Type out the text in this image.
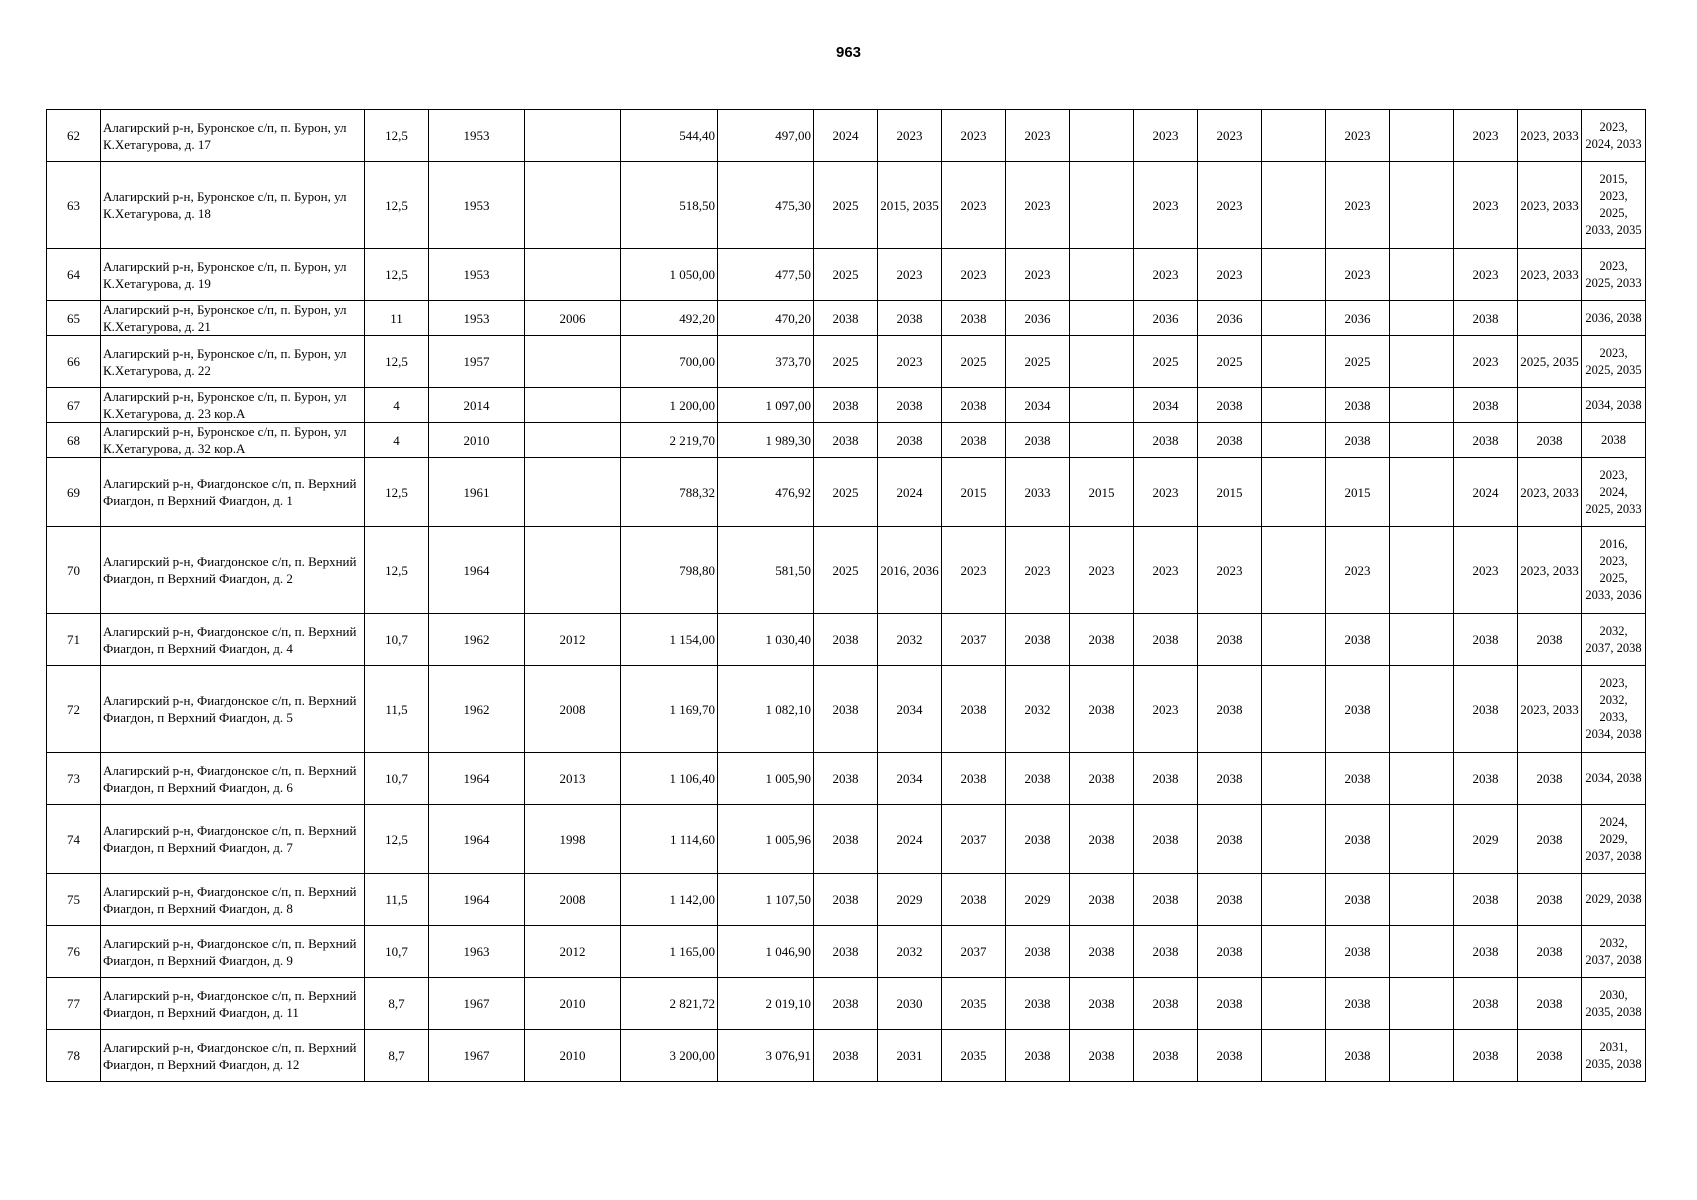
963
62	Алагирский р-н, Буронское с/п, п. Бурон, ул К.Хетагурова, д. 17	12,5	1953		544,40	497,00	2024	2023	2023	2023		2023	2023		2023		2023	2023, 2033	2023, 2024, 2033
63	Алагирский р-н, Буронское с/п, п. Бурон, ул К.Хетагурова, д. 18	12,5	1953		518,50	475,30	2025	2015, 2035	2023	2023		2023	2023		2023		2023	2023, 2033	2015, 2023, 2025, 2033, 2035
64	Алагирский р-н, Буронское с/п, п. Бурон, ул К.Хетагурова, д. 19	12,5	1953		1 050,00	477,50	2025	2023	2023	2023		2023	2023		2023		2023	2023, 2033	2023, 2025, 2033
65	Алагирский р-н, Буронское с/п, п. Бурон, ул К.Хетагурова, д. 21	11	1953	2006	492,20	470,20	2038	2038	2038	2036		2036	2036		2036		2038		2036, 2038
66	Алагирский р-н, Буронское с/п, п. Бурон, ул К.Хетагурова, д. 22	12,5	1957		700,00	373,70	2025	2023	2025	2025		2025	2025		2025		2023	2025, 2035	2023, 2025, 2035
67	Алагирский р-н, Буронское с/п, п. Бурон, ул К.Хетагурова, д. 23 кор.А	4	2014		1 200,00	1 097,00	2038	2038	2038	2034		2034	2038		2038		2038		2034, 2038
68	Алагирский р-н, Буронское с/п, п. Бурон, ул К.Хетагурова, д. 32 кор.А	4	2010		2 219,70	1 989,30	2038	2038	2038	2038		2038	2038		2038		2038	2038	2038
69	Алагирский р-н, Фиагдонское с/п, п. Верхний Фиагдон, п Верхний Фиагдон, д. 1	12,5	1961		788,32	476,92	2025	2024	2015	2033	2015	2023	2015		2015		2024	2023, 2033	2023, 2024, 2025, 2033
70	Алагирский р-н, Фиагдонское с/п, п. Верхний Фиагдон, п Верхний Фиагдон, д. 2	12,5	1964		798,80	581,50	2025	2016, 2036	2023	2023	2023	2023	2023		2023		2023	2023, 2033	2016, 2023, 2025, 2033, 2036
71	Алагирский р-н, Фиагдонское с/п, п. Верхний Фиагдон, п Верхний Фиагдон, д. 4	10,7	1962	2012	1 154,00	1 030,40	2038	2032	2037	2038	2038	2038	2038		2038		2038	2038	2032, 2037, 2038
72	Алагирский р-н, Фиагдонское с/п, п. Верхний Фиагдон, п Верхний Фиагдон, д. 5	11,5	1962	2008	1 169,70	1 082,10	2038	2034	2038	2032	2038	2023	2038		2038		2038	2023, 2033	2023, 2032, 2033, 2034, 2038
73	Алагирский р-н, Фиагдонское с/п, п. Верхний Фиагдон, п Верхний Фиагдон, д. 6	10,7	1964	2013	1 106,40	1 005,90	2038	2034	2038	2038	2038	2038	2038		2038		2038	2038	2034, 2038
74	Алагирский р-н, Фиагдонское с/п, п. Верхний Фиагдон, п Верхний Фиагдон, д. 7	12,5	1964	1998	1 114,60	1 005,96	2038	2024	2037	2038	2038	2038	2038		2038		2029	2038	2024, 2029, 2037, 2038
75	Алагирский р-н, Фиагдонское с/п, п. Верхний Фиагдон, п Верхний Фиагдон, д. 8	11,5	1964	2008	1 142,00	1 107,50	2038	2029	2038	2029	2038	2038	2038		2038		2038	2038	2029, 2038
76	Алагирский р-н, Фиагдонское с/п, п. Верхний Фиагдон, п Верхний Фиагдон, д. 9	10,7	1963	2012	1 165,00	1 046,90	2038	2032	2037	2038	2038	2038	2038		2038		2038	2038	2032, 2037, 2038
77	Алагирский р-н, Фиагдонское с/п, п. Верхний Фиагдон, п Верхний Фиагдон, д. 11	8,7	1967	2010	2 821,72	2 019,10	2038	2030	2035	2038	2038	2038	2038		2038		2038	2038	2030, 2035, 2038
78	Алагирский р-н, Фиагдонское с/п, п. Верхний Фиагдон, п Верхний Фиагдон, д. 12	8,7	1967	2010	3 200,00	3 076,91	2038	2031	2035	2038	2038	2038	2038		2038		2038	2038	2031, 2035, 2038
